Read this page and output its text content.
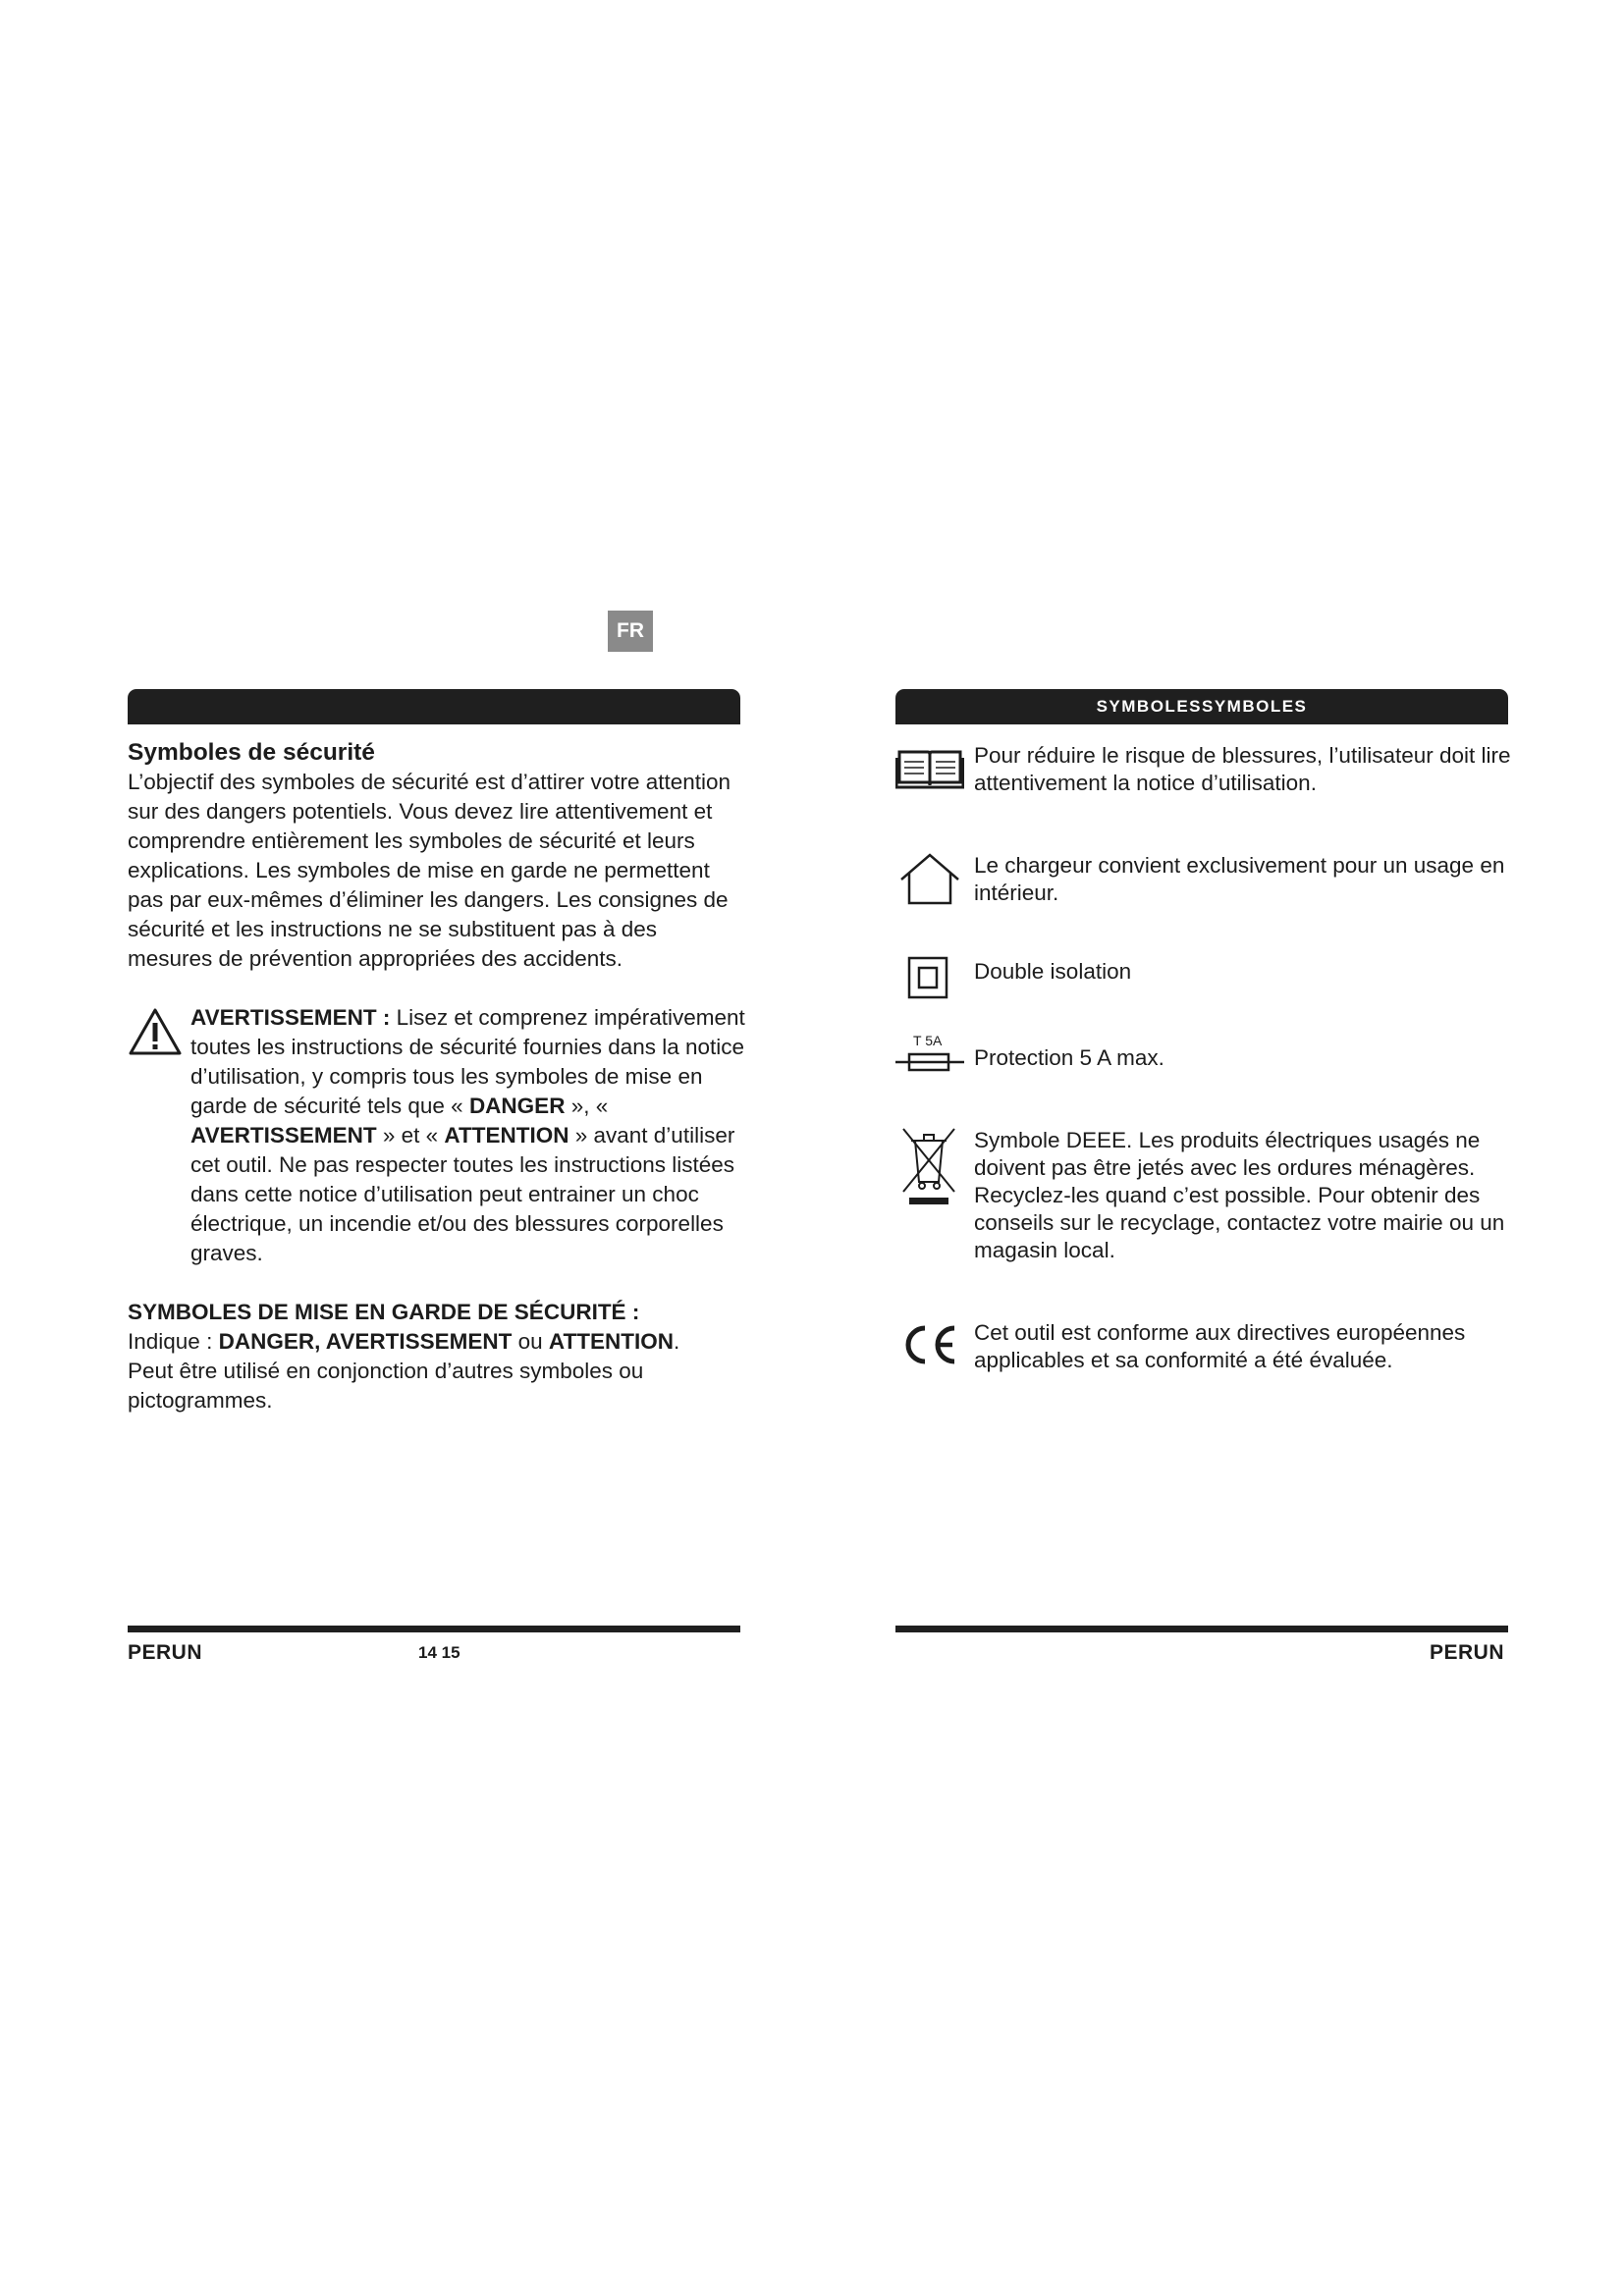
FR
Symboles de sécurité

L’objectif des symboles de sécurité est d’attirer votre attention sur des dangers potentiels. Vous devez lire attentivement et comprendre entièrement les symboles de sécurité et leurs explications. Les symboles de mise en garde ne permettent pas par eux-mêmes d’éliminer les dangers. Les consignes de sécurité et les instructions ne se substituent pas à des mesures de prévention appropriées des accidents.

AVERTISSEMENT : Lisez et comprenez impérativement toutes les instructions de sécurité fournies dans la notice d’utilisation, y compris tous les symboles de mise en garde de sécurité tels que « DANGER », « AVERTISSEMENT » et « ATTENTION » avant d’utiliser cet outil. Ne pas respecter toutes les instructions listées dans cette notice d’utilisation peut entrainer un choc électrique, un incendie et/ou des blessures corporelles graves.

SYMBOLES DE MISE EN GARDE DE SÉCURITÉ :

Indique : DANGER, AVERTISSEMENT ou ATTENTION.

Peut être utilisé en conjonction d’autres symboles ou pictogrammes.

PERUN	14 15
SYMBOLESSYMBOLES
Pour réduire le risque de blessures, l’utilisateur doit lire attentivement la notice d’utilisation.
Le chargeur convient exclusivement pour un usage en intérieur.
Double isolation
T 5A
Protection 5 A max.
Symbole DEEE. Les produits électriques usagés ne doivent pas être jetés avec les ordures ménagères. Recyclez-les quand c’est possible. Pour obtenir des conseils sur le recyclage, contactez votre mairie ou un magasin local.
Cet outil est conforme aux directives européennes applicables et sa conformité a été évaluée.
PERUN
